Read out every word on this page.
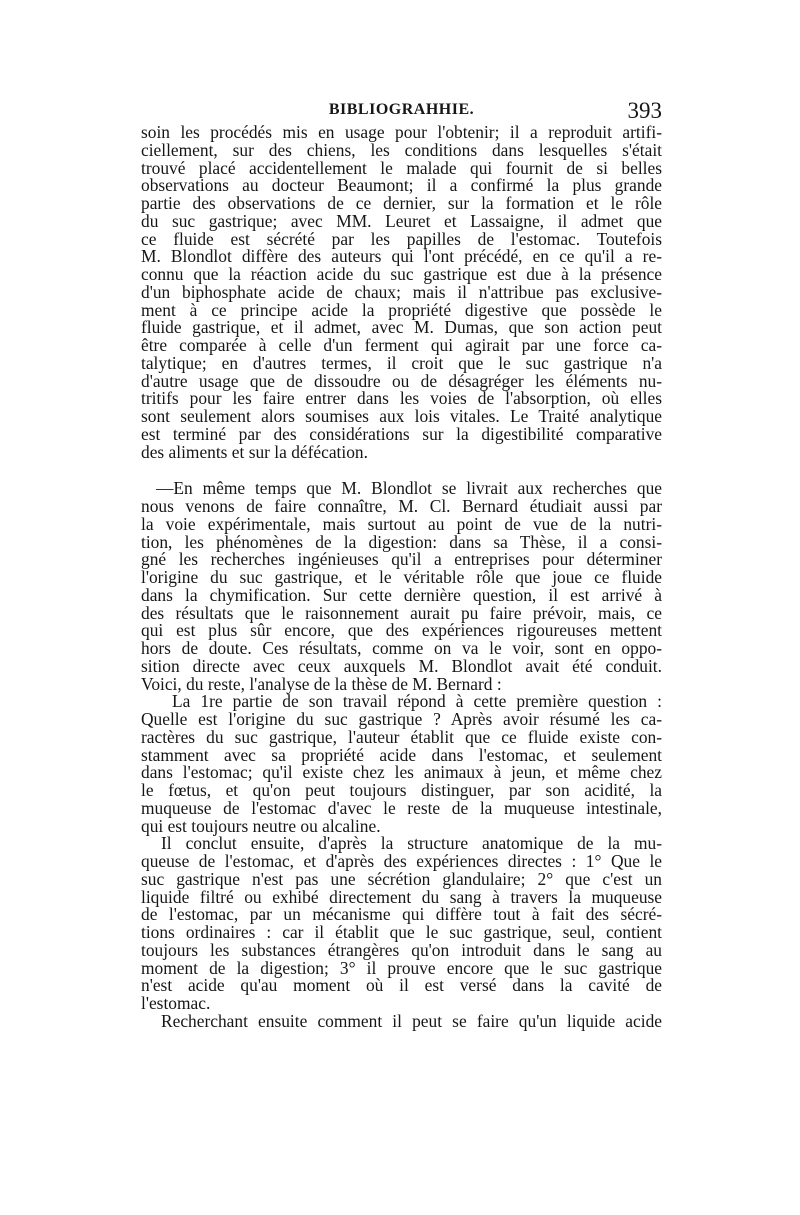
BIBLIOGRAHHIE.	393
soin les procédés mis en usage pour l'obtenir; il a reproduit artifi-
ciellement, sur des chiens, les conditions dans lesquelles s'était
trouvé placé accidentellement le malade qui fournit de si belles
observations au docteur Beaumont; il a confirmé la plus grande
partie des observations de ce dernier, sur la formation et le rôle
du suc gastrique; avec MM. Leuret et Lassaigne, il admet que
ce fluide est sécrété par les papilles de l'estomac. Toutefois
M. Blondlot diffère des auteurs qui l'ont précédé, en ce qu'il a re-
connu que la réaction acide du suc gastrique est due à la présence
d'un biphosphate acide de chaux; mais il n'attribue pas exclusive-
ment à ce principe acide la propriété digestive que possède le
fluide gastrique, et il admet, avec M. Dumas, que son action peut
être comparée à celle d'un ferment qui agirait par une force ca-
talytique; en d'autres termes, il croit que le suc gastrique n'a
d'autre usage que de dissoudre ou de désagréger les éléments nu-
tritifs pour les faire entrer dans les voies de l'absorption, où elles
sont seulement alors soumises aux lois vitales. Le Traité analytique
est terminé par des considérations sur la digestibilité comparative
des aliments et sur la défécation.
—En même temps que M. Blondlot se livrait aux recherches que
nous venons de faire connaître, M. Cl. Bernard étudiait aussi par
la voie expérimentale, mais surtout au point de vue de la nutri-
tion, les phénomènes de la digestion: dans sa Thèse, il a consi-
gné les recherches ingénieuses qu'il a entreprises pour déterminer
l'origine du suc gastrique, et le véritable rôle que joue ce fluide
dans la chymification. Sur cette dernière question, il est arrivé à
des résultats que le raisonnement aurait pu faire prévoir, mais, ce
qui est plus sûr encore, que des expériences rigoureuses mettent
hors de doute. Ces résultats, comme on va le voir, sont en oppo-
sition directe avec ceux auxquels M. Blondlot avait été conduit.
Voici, du reste, l'analyse de la thèse de M. Bernard :
La 1re partie de son travail répond à cette première question :
Quelle est l'origine du suc gastrique ? Après avoir résumé les ca-
ractères du suc gastrique, l'auteur établit que ce fluide existe con-
stamment avec sa propriété acide dans l'estomac, et seulement
dans l'estomac; qu'il existe chez les animaux à jeun, et même chez
le fœtus, et qu'on peut toujours distinguer, par son acidité, la
muqueuse de l'estomac d'avec le reste de la muqueuse intestinale,
qui est toujours neutre ou alcaline.
Il conclut ensuite, d'après la structure anatomique de la mu-
queuse de l'estomac, et d'après des expériences directes : 1° Que le
suc gastrique n'est pas une sécrétion glandulaire; 2° que c'est un
liquide filtré ou exhibé directement du sang à travers la muqueuse
de l'estomac, par un mécanisme qui diffère tout à fait des sécré-
tions ordinaires : car il établit que le suc gastrique, seul, contient
toujours les substances étrangères qu'on introduit dans le sang au
moment de la digestion; 3° il prouve encore que le suc gastrique
n'est acide qu'au moment où il est versé dans la cavité de
l'estomac.
Recherchant ensuite comment il peut se faire qu'un liquide acide
